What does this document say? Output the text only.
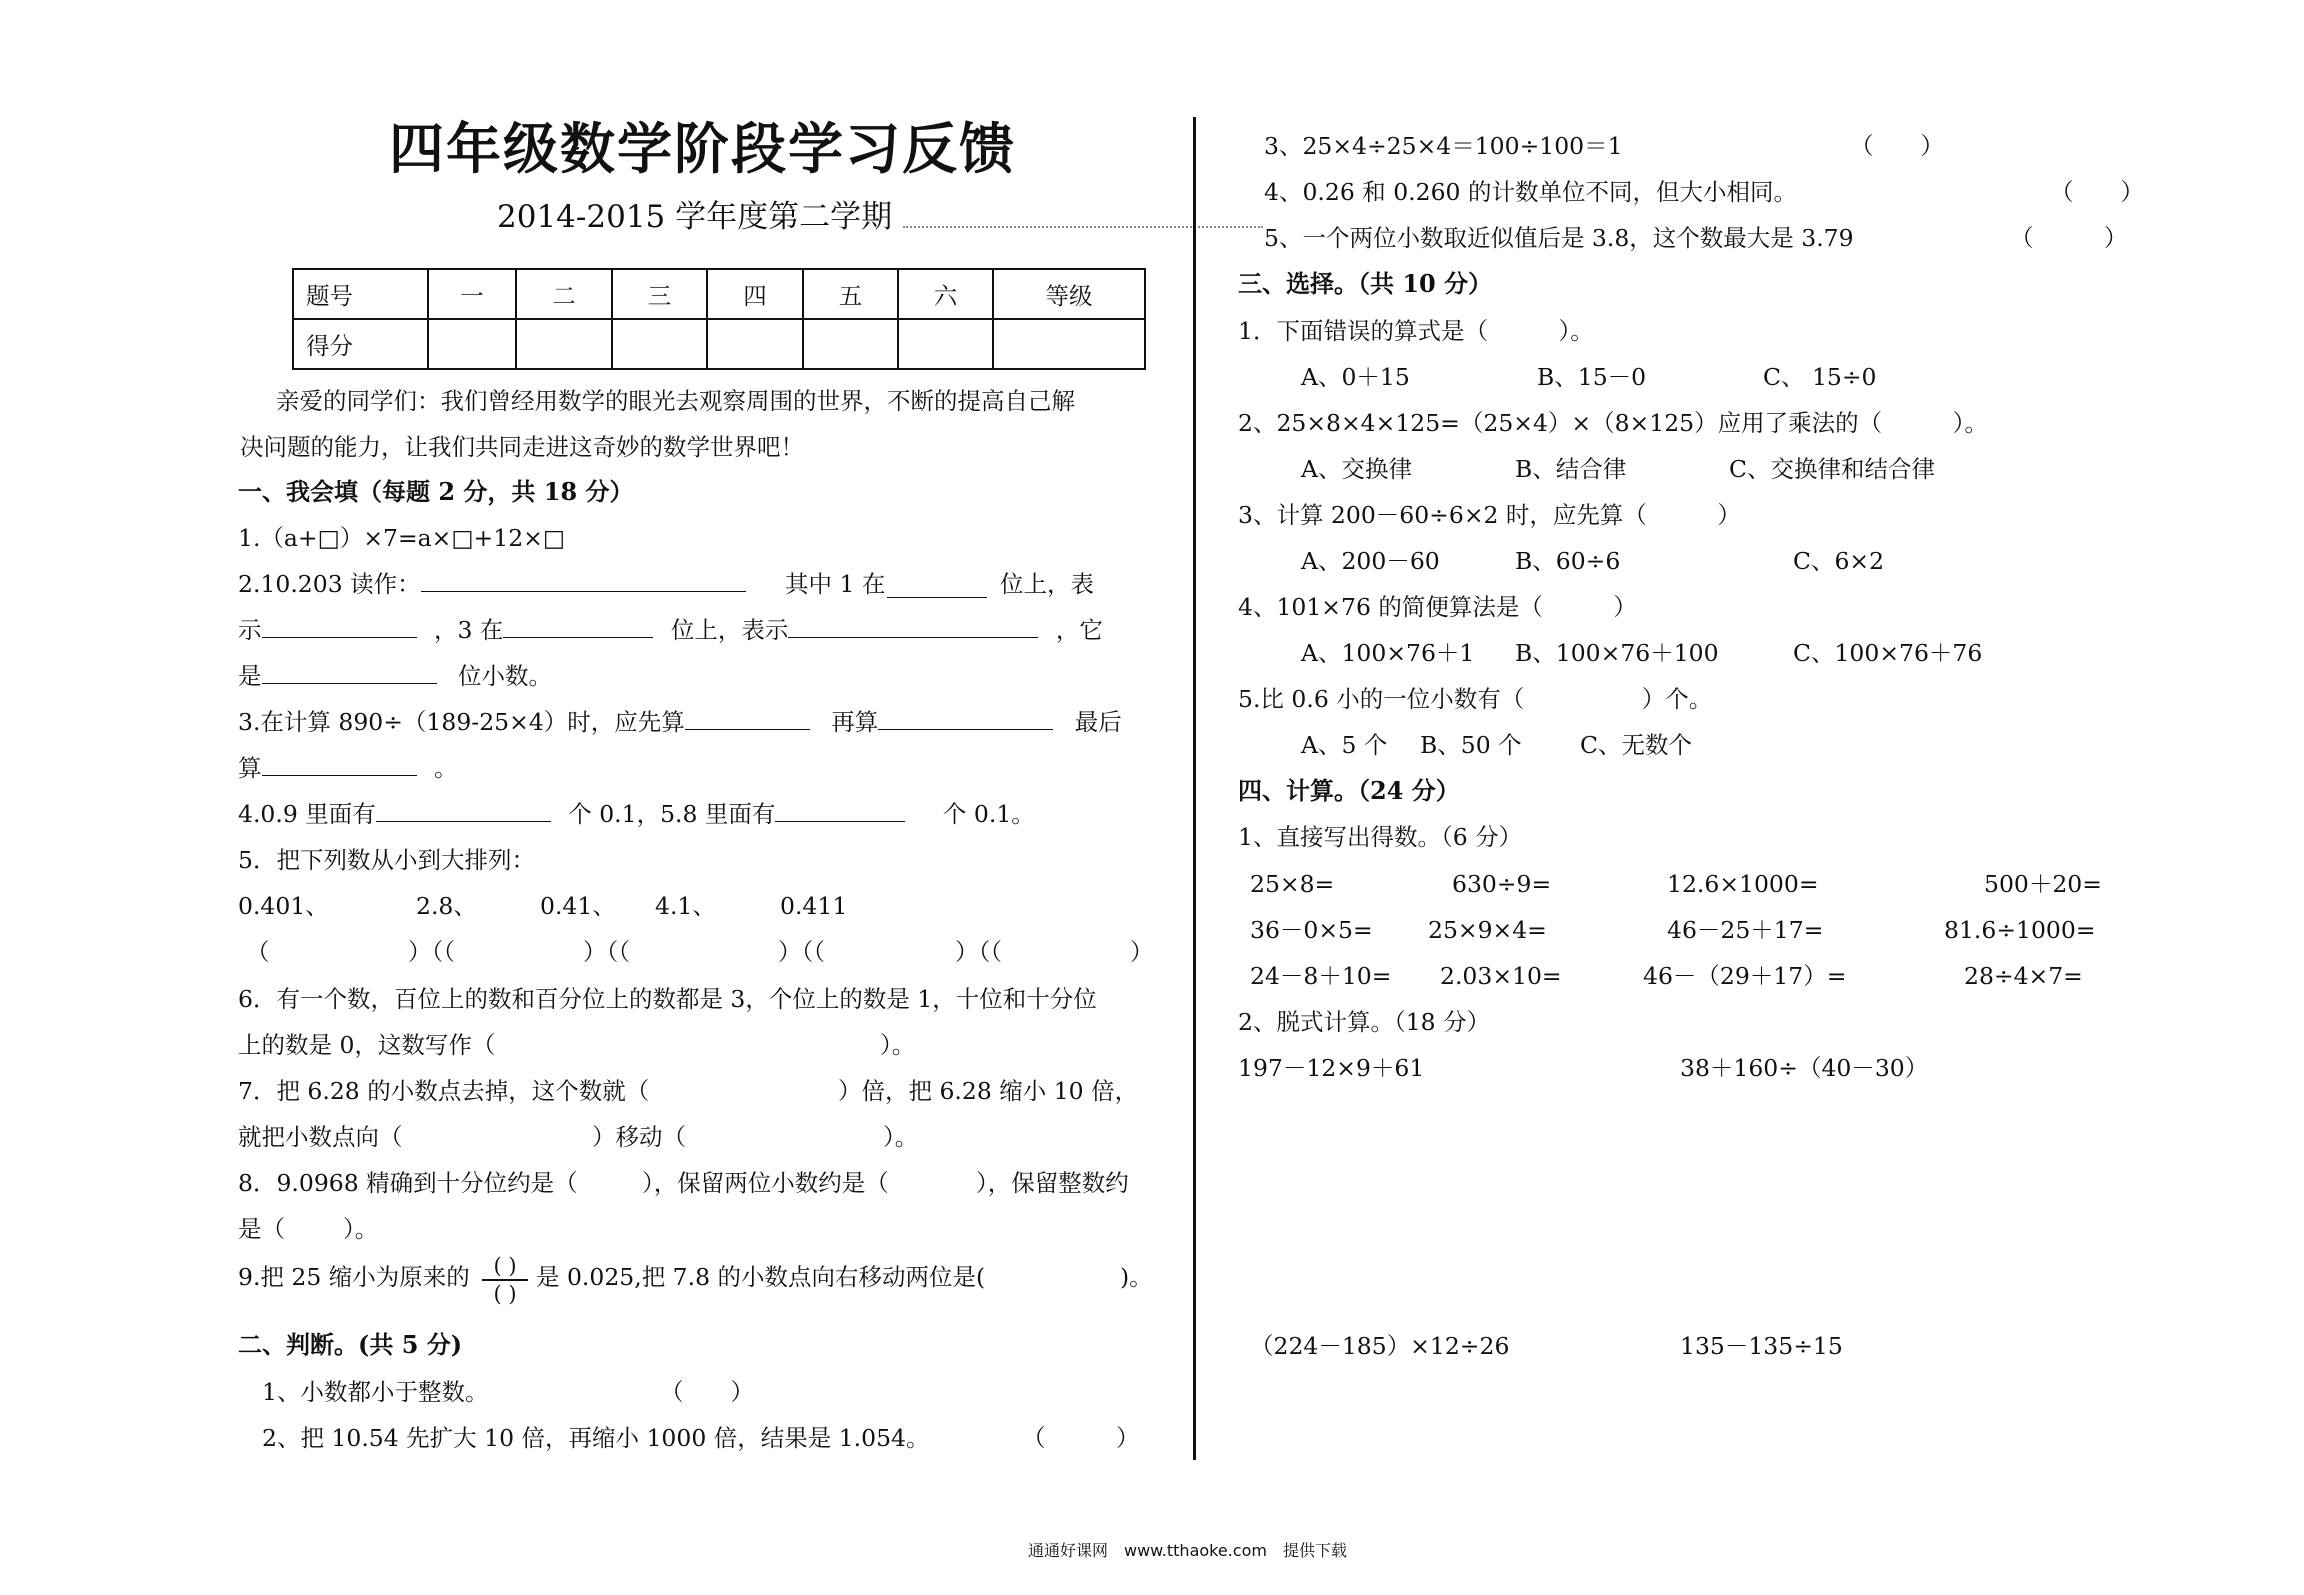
四年级数学阶段学习反馈
2014-2015 学年度第二学期
题号	一	二	三	四	五	六	等级
得分							
亲爱的同学们：我们曾经用数学的眼光去观察周围的世界，不断的提高自己解
决问题的能力，让我们共同走进这奇妙的数学世界吧！
一、我会填（每题 2 分，共 18 分）
1.（a+□）×7=a×□+12×□
2.10.203 读作：	其中 1 在	位上，表
示	，3 在	位上，表示	，它
是	位小数。
3.在计算 890÷（189-25×4）时，应先算	再算	最后
算	。
4.0.9 里面有	个 0.1，5.8 里面有	个 0.1。
5．把下列数从小到大排列：
0.401、	2.8、	0.41、 4.1、	0.411
（	）（（	）（（	）（（	）（（	）
6．有一个数，百位上的数和百分位上的数都是 3，个位上的数是 1，十位和十分位
上的数是 0，这数写作（	）。
7．把 6.28 的小数点去掉，这个数就（	）倍，把 6.28 缩小 10 倍，
就把小数点向（	）移动（	）。
8．9.0968 精确到十分位约是（	），保留两位小数约是（	），保留整数约
是（ ）。
9.把 25 缩小为原来的	( )
( )
是 0.025,把 7.8 的小数点向右移动两位是(	)。
二、判断。(共 5 分)
1、小数都小于整数。	（　　）
2、把 10.54 先扩大 10 倍，再缩小 1000 倍，结果是 1.054。	（　　　）
3、25×4÷25×4＝100÷100＝1	（　　）
4、0.26 和 0.260 的计数单位不同，但大小相同。	（　　）
5、一个两位小数取近似值后是 3.8，这个数最大是 3.79	（　　　）
三、选择。（共 10 分）
1．下面错误的算式是（　　　）。
A、0＋15	B、15－0	C、 15÷0
2、25×8×4×125=（25×4）×（8×125）应用了乘法的（　　　）。
A、交换律	B、结合律	C、交换律和结合律
3、计算 200－60÷6×2 时，应先算（　　　）
A、200－60	B、60÷6	C、6×2
4、101×76 的简便算法是（　　　）
A、100×76＋1 B、100×76＋100	C、100×76＋76
5.比 0.6 小的一位小数有（　　　　　）个。
A、5 个 B、50 个 C、无数个
四、计算。（24 分）
1、直接写出得数。（6 分）
25×8=	630÷9=	12.6×1000=	500＋20=
36－0×5= 25×9×4=	46－25＋17=	81.6÷1000=
24－8＋10= 2.03×10=	46－（29＋17）=	28÷4×7=
2、脱式计算。（18 分）
197－12×9＋61	38＋160÷（40－30）
（224－185）×12÷26	135－135÷15
通通好课网　www.tthaoke.com　提供下载
